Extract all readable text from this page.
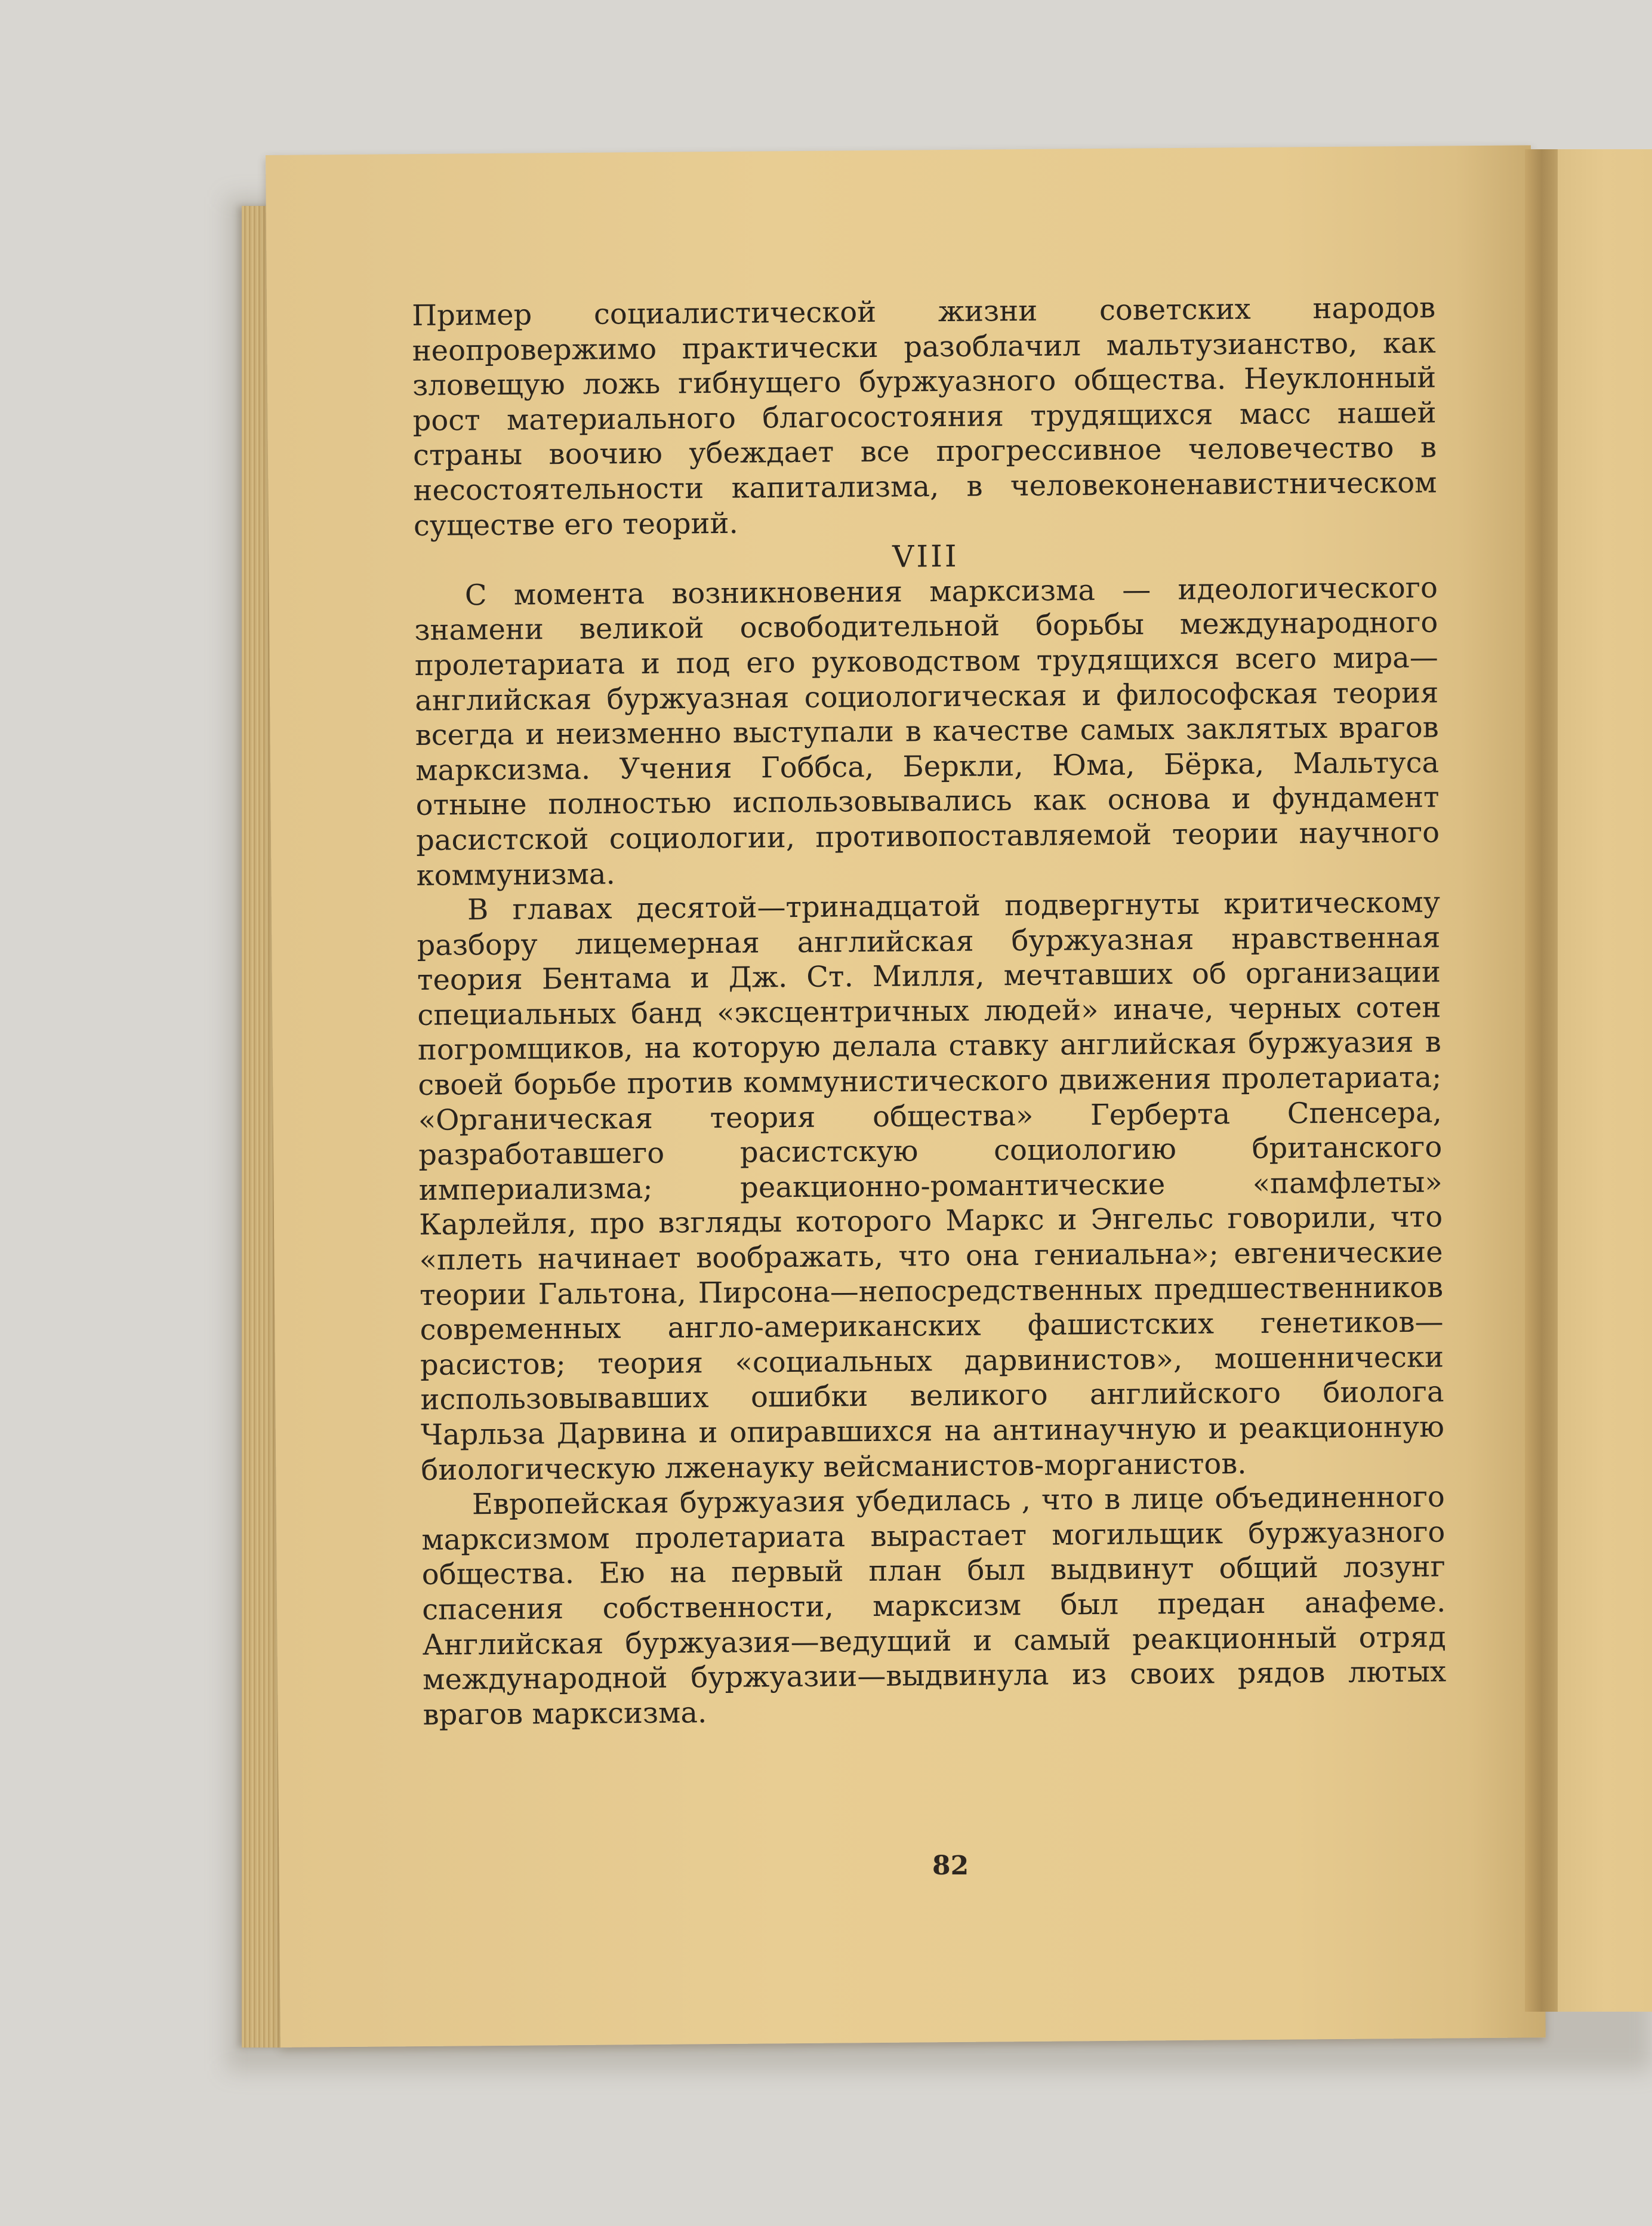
Пример социалистической жизни советских народов неопровержимо практически разоблачил мальтузианство, как зловещую ложь гибнущего буржуазного общества. Неуклонный рост материального благосостояния трудящихся масс нашей страны воочию убеждает все прогрессивное человечество в несостоятельности капитализма, в человеконенавистническом существе его теорий.

VIII

С момента возникновения марксизма — идеологического знамени великой освободительной борьбы международного пролетариата и под его руководством трудящихся всего мира— английская буржуазная социологическая и философская теория всегда и неизменно выступали в качестве самых заклятых врагов марксизма. Учения Гоббса, Беркли, Юма, Бёрка, Мальтуса отныне полностью использовывались как основа и фундамент расистской социологии, противопоставляемой теории научного коммунизма.

В главах десятой—тринадцатой подвергнуты критическому разбору лицемерная английская буржуазная нравственная теория Бентама и Дж. Ст. Милля, мечтавших об организации специальных банд «эксцентричных людей» иначе, черных сотен погромщиков, на которую делала ставку английская буржуазия в своей борьбе против коммунистического движения пролетариата; «Органическая теория общества» Герберта Спенсера, разработавшего расистскую социологию британского империализма; реакционно-романтические «памфлеты» Карлейля, про взгляды которого Маркс и Энгельс говорили, что «плеть начинает воображать, что она гениальна»; евгенические теории Гальтона, Пирсона—непосредственных предшественников современных англо-американских фашистских генетиков—расистов; теория «социальных дарвинистов», мошеннически использовывавших ошибки великого английского биолога Чарльза Дарвина и опиравшихся на антинаучную и реакционную биологическую лженауку вейсманистов-морганистов.

Европейская буржуазия убедилась , что в лице объединенного марксизмом пролетариата вырастает могильщик буржуазного общества. Ею на первый план был выдвинут общий лозунг спасения собственности, марксизм был предан анафеме. Английская буржуазия—ведущий и самый реакционный отряд международной буржуазии—выдвинула из своих рядов лютых врагов марксизма.

82
